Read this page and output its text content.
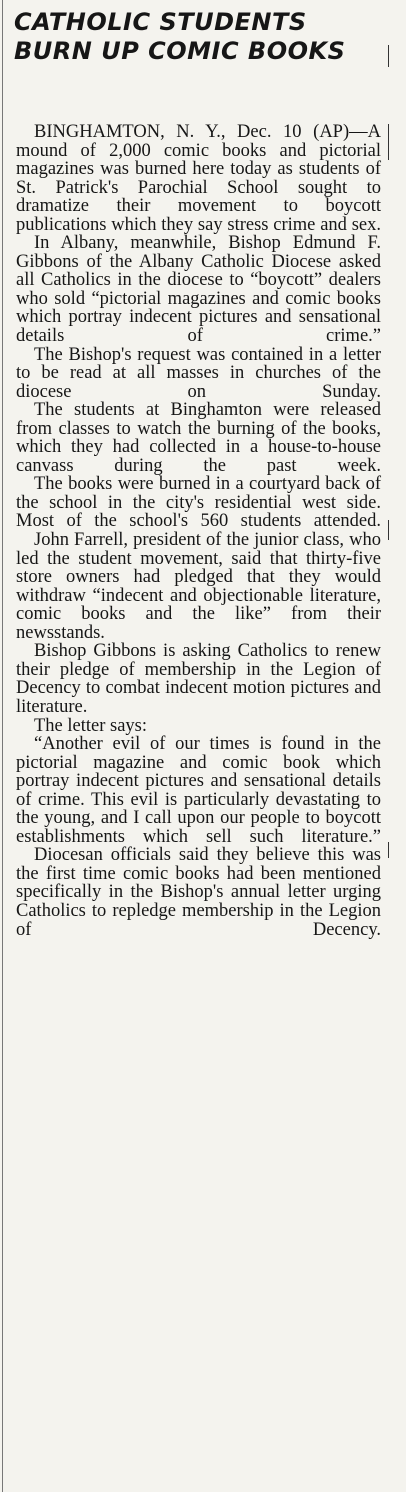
CATHOLIC STUDENTS
BURN UP COMIC BOOKS

BINGHAMTON, N. Y., Dec. 10 (AP)—A mound of 2,000 comic books and pictorial magazines was burned here today as students of St. Patrick's Parochial School sought to dramatize their movement to boycott publications which they say stress crime and sex.

In Albany, meanwhile, Bishop Edmund F. Gibbons of the Albany Catholic Diocese asked all Catholics in the diocese to “boycott” dealers who sold “pictorial magazines and comic books which portray indecent pictures and sensational details of crime.”

The Bishop's request was contained in a letter to be read at all masses in churches of the diocese on Sunday.

The students at Binghamton were released from classes to watch the burning of the books, which they had collected in a house-to-house canvass during the past week.

The books were burned in a courtyard back of the school in the city's residential west side. Most of the school's 560 students attended.

John Farrell, president of the junior class, who led the student movement, said that thirty-five store owners had pledged that they would withdraw “indecent and objectionable literature, comic books and the like” from their newsstands.

Bishop Gibbons is asking Catholics to renew their pledge of membership in the Legion of Decency to combat indecent motion pictures and literature.

The letter says:

“Another evil of our times is found in the pictorial magazine and comic book which portray indecent pictures and sensational details of crime. This evil is particularly devastating to the young, and I call upon our people to boycott establishments which sell such literature.”

Diocesan officials said they believe this was the first time comic books had been mentioned specifically in the Bishop's annual letter urging Catholics to repledge membership in the Legion of Decency.
